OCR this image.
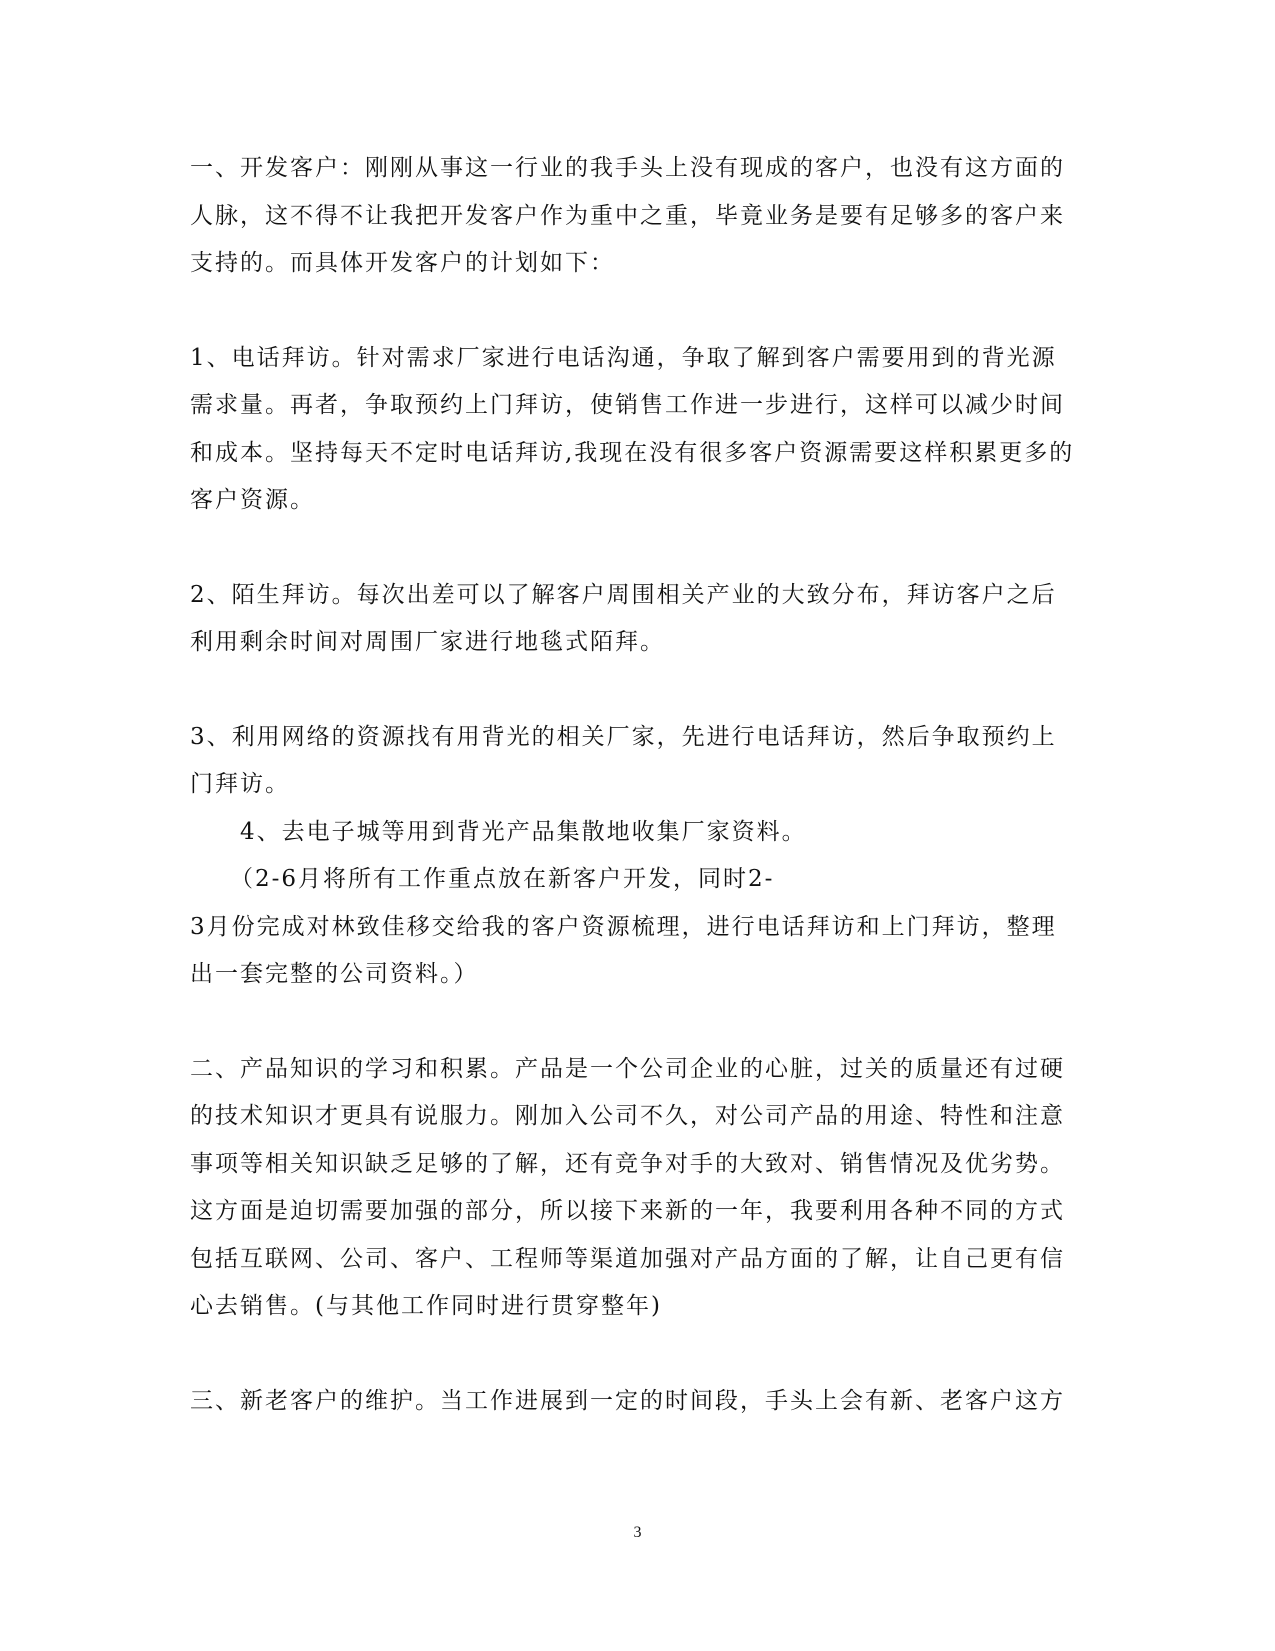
一、开发客户：刚刚从事这一行业的我手头上没有现成的客户，也没有这方面的人脉，这不得不让我把开发客户作为重中之重，毕竟业务是要有足够多的客户来支持的。而具体开发客户的计划如下：

1、电话拜访。针对需求厂家进行电话沟通，争取了解到客户需要用到的背光源需求量。再者，争取预约上门拜访，使销售工作进一步进行，这样可以减少时间和成本。坚持每天不定时电话拜访,我现在没有很多客户资源需要这样积累更多的客户资源。

2、陌生拜访。每次出差可以了解客户周围相关产业的大致分布，拜访客户之后利用剩余时间对周围厂家进行地毯式陌拜。

3、利用网络的资源找有用背光的相关厂家，先进行电话拜访，然后争取预约上门拜访。

4、去电子城等用到背光产品集散地收集厂家资料。

（2-6月将所有工作重点放在新客户开发，同时2-

3月份完成对林致佳移交给我的客户资源梳理，进行电话拜访和上门拜访，整理出一套完整的公司资料。）

二、产品知识的学习和积累。产品是一个公司企业的心脏，过关的质量还有过硬的技术知识才更具有说服力。刚加入公司不久，对公司产品的用途、特性和注意事项等相关知识缺乏足够的了解，还有竞争对手的大致对、销售情况及优劣势。这方面是迫切需要加强的部分，所以接下来新的一年，我要利用各种不同的方式包括互联网、公司、客户、工程师等渠道加强对产品方面的了解，让自己更有信心去销售。(与其他工作同时进行贯穿整年)

三、新老客户的维护。当工作进展到一定的时间段，手头上会有新、老客户这方

3
